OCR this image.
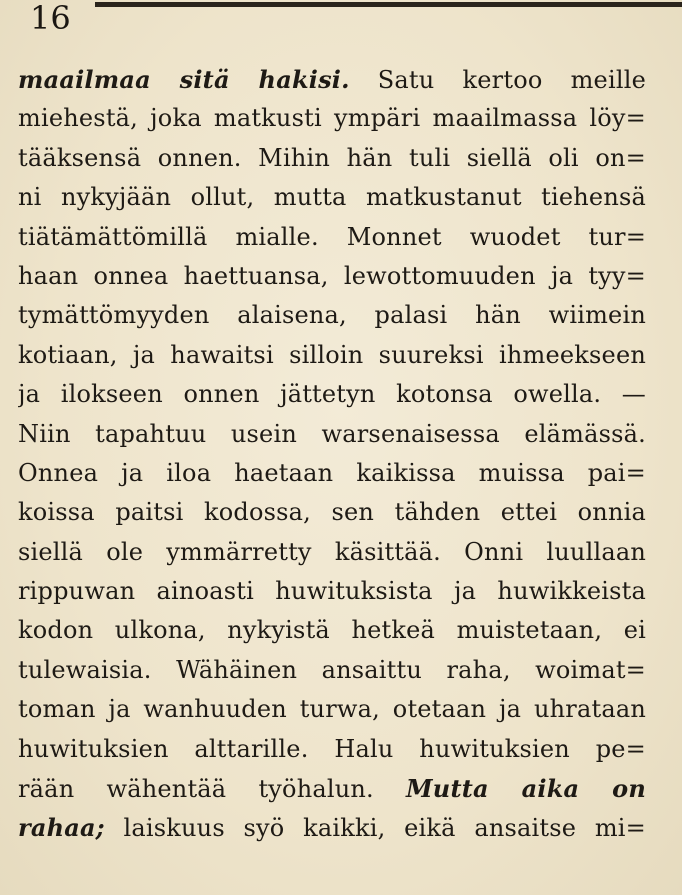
16
maailmaa sitä hakisi. Satu kertoo meille
miehestä, joka matkusti ympäri maailmassa löy=
tääksensä onnen. Mihin hän tuli siellä oli on=
ni nykyjään ollut, mutta matkustanut tiehensä
tiätämättömillä mialle. Monnet wuodet tur=
haan onnea haettuansa, lewottomuuden ja tyy=
tymättömyyden alaisena, palasi hän wiimein
kotiaan, ja hawaitsi silloin suureksi ihmeekseen
ja ilokseen onnen jättetyn kotonsa owella. —
Niin tapahtuu usein warsenaisessa elämässä.
Onnea ja iloa haetaan kaikissa muissa pai=
koissa paitsi kodossa, sen tähden ettei onnia
siellä ole ymmärretty käsittää. Onni luullaan
rippuwan ainoasti huwituksista ja huwikkeista
kodon ulkona, nykyistä hetkeä muistetaan, ei
tulewaisia. Wähäinen ansaittu raha, woimat=
toman ja wanhuuden turwa, otetaan ja uhrataan
huwituksien alttarille. Halu huwituksien pe=
rään wähentää työhalun. Mutta aika on
rahaa; laiskuus syö kaikki, eikä ansaitse mi=
